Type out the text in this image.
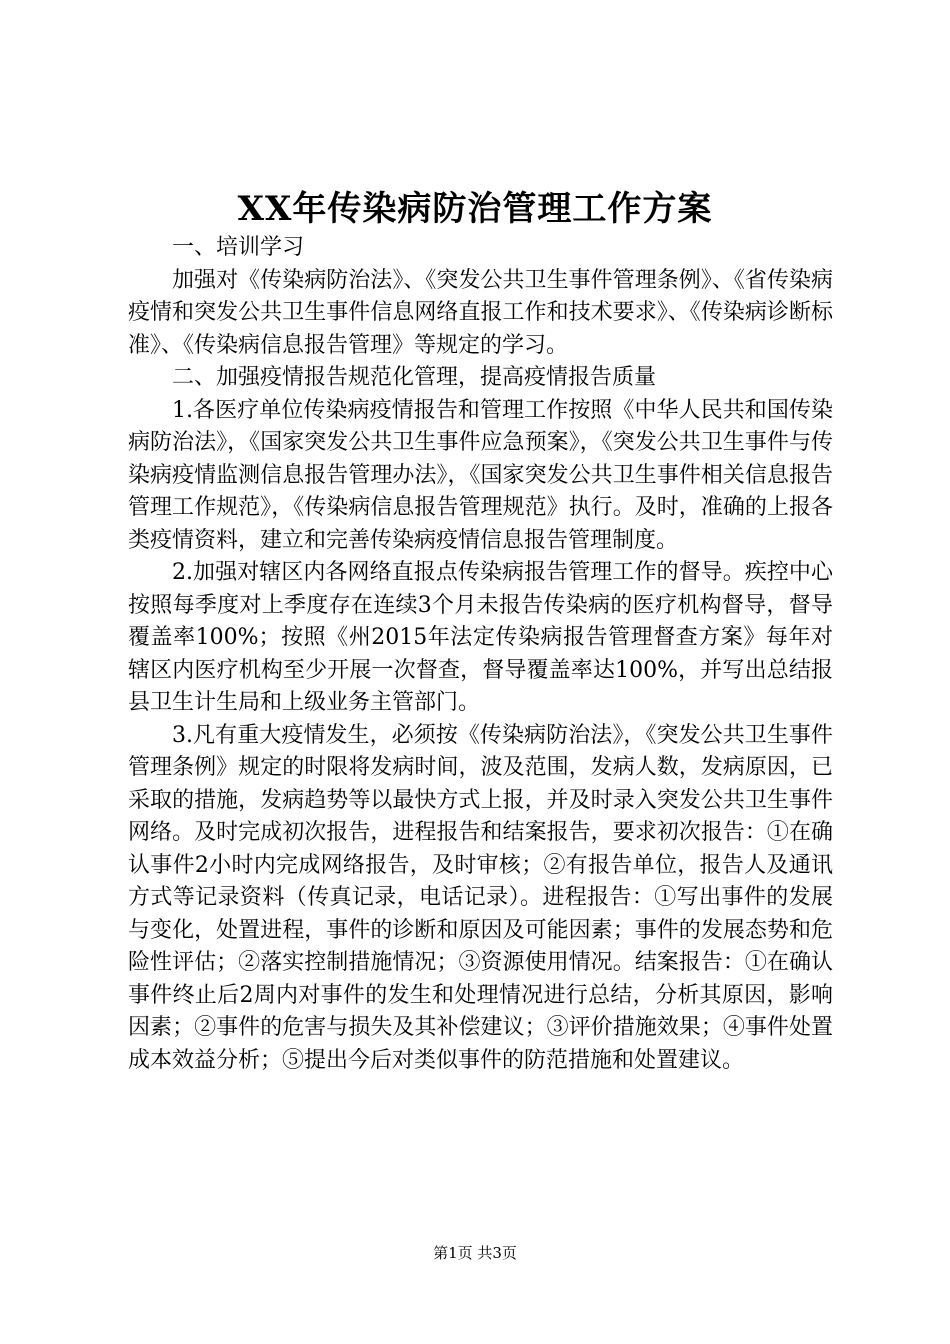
XX年传染病防治管理工作方案

一、培训学习

加强对《传染病防治法》、《突发公共卫生事件管理条例》、《省传染病疫情和突发公共卫生事件信息网络直报工作和技术要求》、《传染病诊断标准》、《传染病信息报告管理》等规定的学习。

二、加强疫情报告规范化管理，提高疫情报告质量

1.各医疗单位传染病疫情报告和管理工作按照《中华人民共和国传染病防治法》，《国家突发公共卫生事件应急预案》，《突发公共卫生事件与传染病疫情监测信息报告管理办法》，《国家突发公共卫生事件相关信息报告管理工作规范》，《传染病信息报告管理规范》执行。及时，准确的上报各类疫情资料，建立和完善传染病疫情信息报告管理制度。

2.加强对辖区内各网络直报点传染病报告管理工作的督导。疾控中心按照每季度对上季度存在连续3个月未报告传染病的医疗机构督导，督导覆盖率100%；按照《州2015年法定传染病报告管理督查方案》每年对辖区内医疗机构至少开展一次督查，督导覆盖率达100%，并写出总结报县卫生计生局和上级业务主管部门。

3.凡有重大疫情发生，必须按《传染病防治法》，《突发公共卫生事件管理条例》规定的时限将发病时间，波及范围，发病人数，发病原因，已采取的措施，发病趋势等以最快方式上报，并及时录入突发公共卫生事件网络。及时完成初次报告，进程报告和结案报告，要求初次报告：①在确认事件2小时内完成网络报告，及时审核；②有报告单位，报告人及通讯方式等记录资料（传真记录，电话记录）。进程报告：①写出事件的发展与变化，处置进程，事件的诊断和原因及可能因素；事件的发展态势和危险性评估；②落实控制措施情况；③资源使用情况。结案报告：①在确认事件终止后2周内对事件的发生和处理情况进行总结，分析其原因，影响因素；②事件的危害与损失及其补偿建议；③评价措施效果；④事件处置成本效益分析；⑤提出今后对类似事件的防范措施和处置建议。

第1页 共3页
